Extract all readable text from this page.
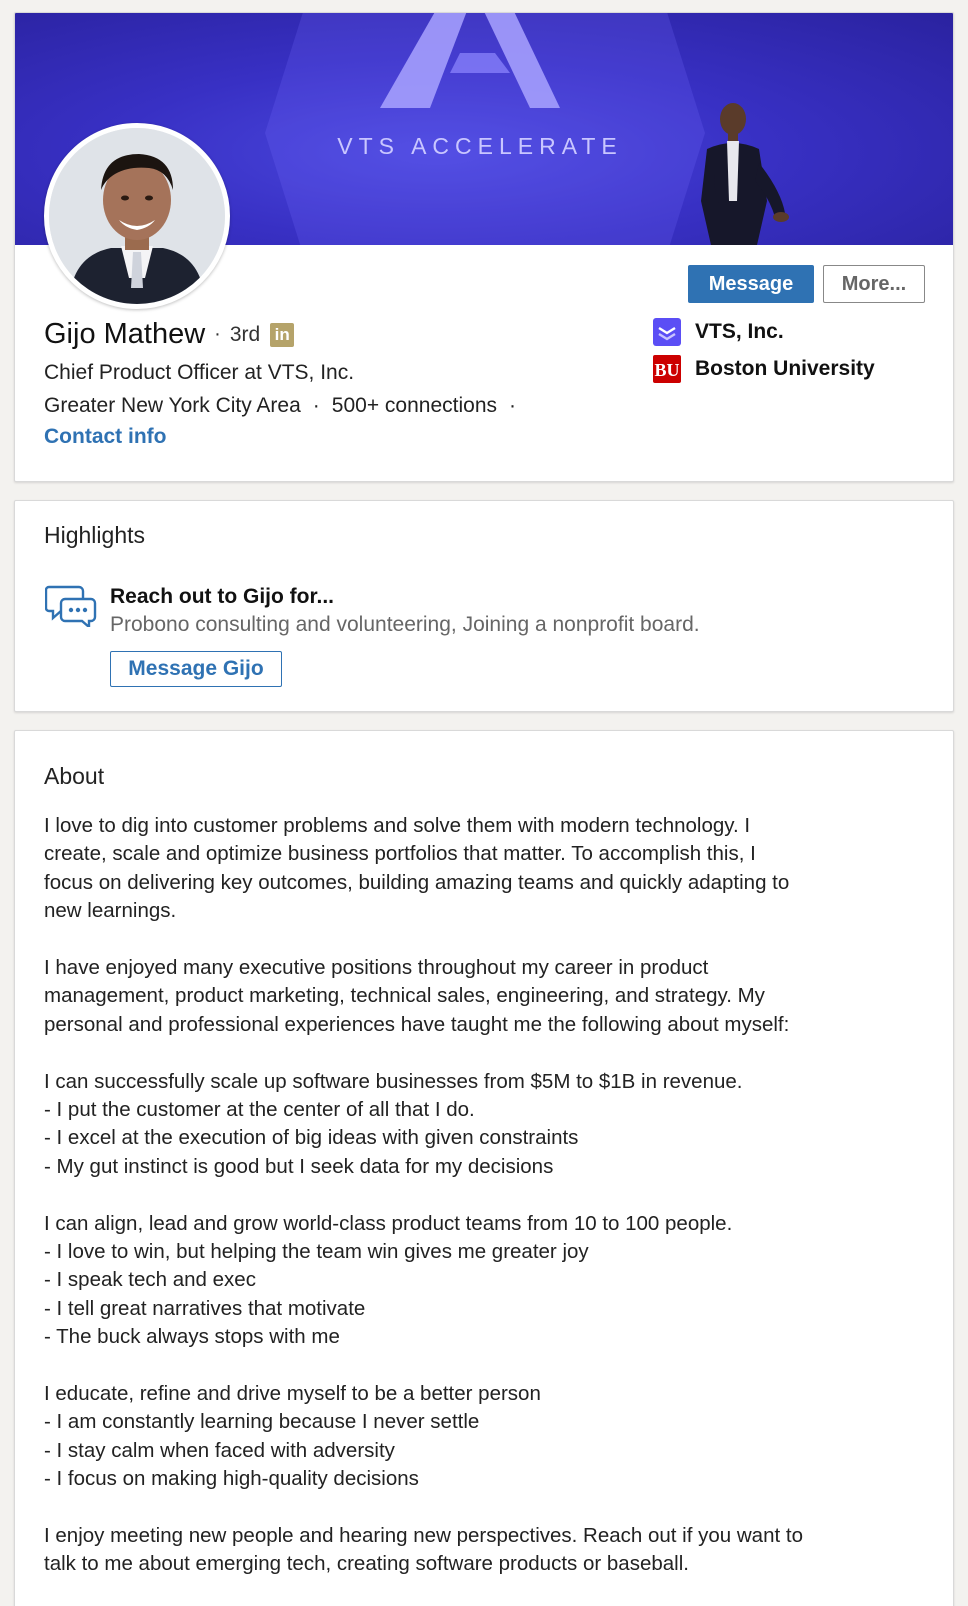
VTS ACCELERATE
Message	More...
Gijo Mathew · 3rd in
Chief Product Officer at VTS, Inc.
Greater New York City Area · 500+ connections ·
Contact info
VTS, Inc.
BU Boston University
Highlights
Reach out to Gijo for...
Probono consulting and volunteering, Joining a nonprofit board.
Message Gijo
About

I love to dig into customer problems and solve them with modern technology. I
create, scale and optimize business portfolios that matter. To accomplish this, I
focus on delivering key outcomes, building amazing teams and quickly adapting to
new learnings.

I have enjoyed many executive positions throughout my career in product
management, product marketing, technical sales, engineering, and strategy. My
personal and professional experiences have taught me the following about myself:

I can successfully scale up software businesses from $5M to $1B in revenue.
- I put the customer at the center of all that I do.
- I excel at the execution of big ideas with given constraints
- My gut instinct is good but I seek data for my decisions

I can align, lead and grow world-class product teams from 10 to 100 people.
- I love to win, but helping the team win gives me greater joy
- I speak tech and exec
- I tell great narratives that motivate
- The buck always stops with me

I educate, refine and drive myself to be a better person
- I am constantly learning because I never settle
- I stay calm when faced with adversity
- I focus on making high-quality decisions

I enjoy meeting new people and hearing new perspectives. Reach out if you want to
talk to me about emerging tech, creating software products or baseball.
